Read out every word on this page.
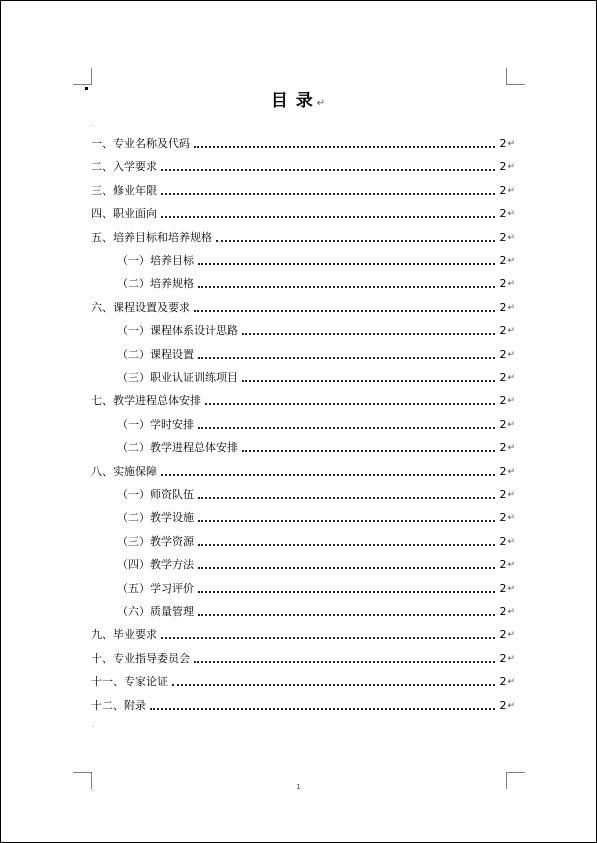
.
.
.
目 录 ↵
一、专业名称及代码	2 ↵
二、入学要求	2 ↵
三、修业年限	2 ↵
四、职业面向	2 ↵
五、培养目标和培养规格	2 ↵
（一）培养目标	2 ↵
（二）培养规格	2 ↵
六、课程设置及要求	2 ↵
（一）课程体系设计思路	2 ↵
（二）课程设置	2 ↵
（三）职业认证训练项目	2 ↵
七、教学进程总体安排	2 ↵
（一）学时安排	2 ↵
（二）教学进程总体安排	2 ↵
八、实施保障	2 ↵
（一）师资队伍	2 ↵
（二）教学设施	2 ↵
（三）教学资源	2 ↵
（四）教学方法	2 ↵
（五）学习评价	2 ↵
（六）质量管理	2 ↵
九、毕业要求	2 ↵
十、专业指导委员会	2 ↵
十一、专家论证	2 ↵
十二、附录	2 ↵
1
